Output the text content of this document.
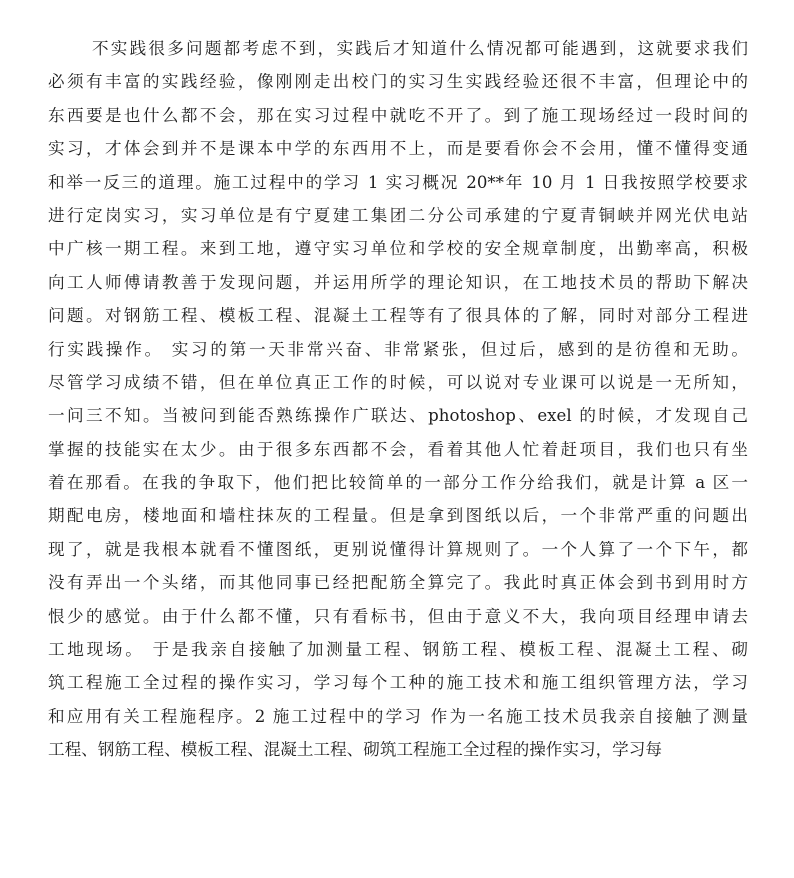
不实践很多问题都考虑不到，实践后才知道什么情况都可能遇到，这就要求我们
必须有丰富的实践经验，像刚刚走出校门的实习生实践经验还很不丰富，但理论中的
东西要是也什么都不会，那在实习过程中就吃不开了。到了施工现场经过一段时间的
实习，才体会到并不是课本中学的东西用不上，而是要看你会不会用，懂不懂得变通
和举一反三的道理。施工过程中的学习 1 实习概况 20**年 10 月 1 日我按照学校要求
进行定岗实习，实习单位是有宁夏建工集团二分公司承建的宁夏青铜峡并网光伏电站
中广核一期工程。来到工地，遵守实习单位和学校的安全规章制度，出勤率高，积极
向工人师傅请教善于发现问题，并运用所学的理论知识，在工地技术员的帮助下解决
问题。对钢筋工程、模板工程、混凝土工程等有了很具体的了解，同时对部分工程进
行实践操作。 实习的第一天非常兴奋、非常紧张，但过后，感到的是彷徨和无助。
尽管学习成绩不错，但在单位真正工作的时候，可以说对专业课可以说是一无所知，
一问三不知。当被问到能否熟练操作广联达、photoshop、exel 的时候，才发现自己
掌握的技能实在太少。由于很多东西都不会，看着其他人忙着赶项目，我们也只有坐
着在那看。在我的争取下，他们把比较简单的一部分工作分给我们，就是计算 a 区一
期配电房，楼地面和墙柱抹灰的工程量。但是拿到图纸以后，一个非常严重的问题出
现了，就是我根本就看不懂图纸，更别说懂得计算规则了。一个人算了一个下午，都
没有弄出一个头绪，而其他同事已经把配筋全算完了。我此时真正体会到书到用时方
恨少的感觉。由于什么都不懂，只有看标书，但由于意义不大，我向项目经理申请去
工地现场。 于是我亲自接触了加测量工程、钢筋工程、模板工程、混凝土工程、砌
筑工程施工全过程的操作实习，学习每个工种的施工技术和施工组织管理方法，学习
和应用有关工程施程序。2 施工过程中的学习 作为一名施工技术员我亲自接触了测量
工程、钢筋工程、模板工程、混凝土工程、砌筑工程施工全过程的操作实习，学习每
